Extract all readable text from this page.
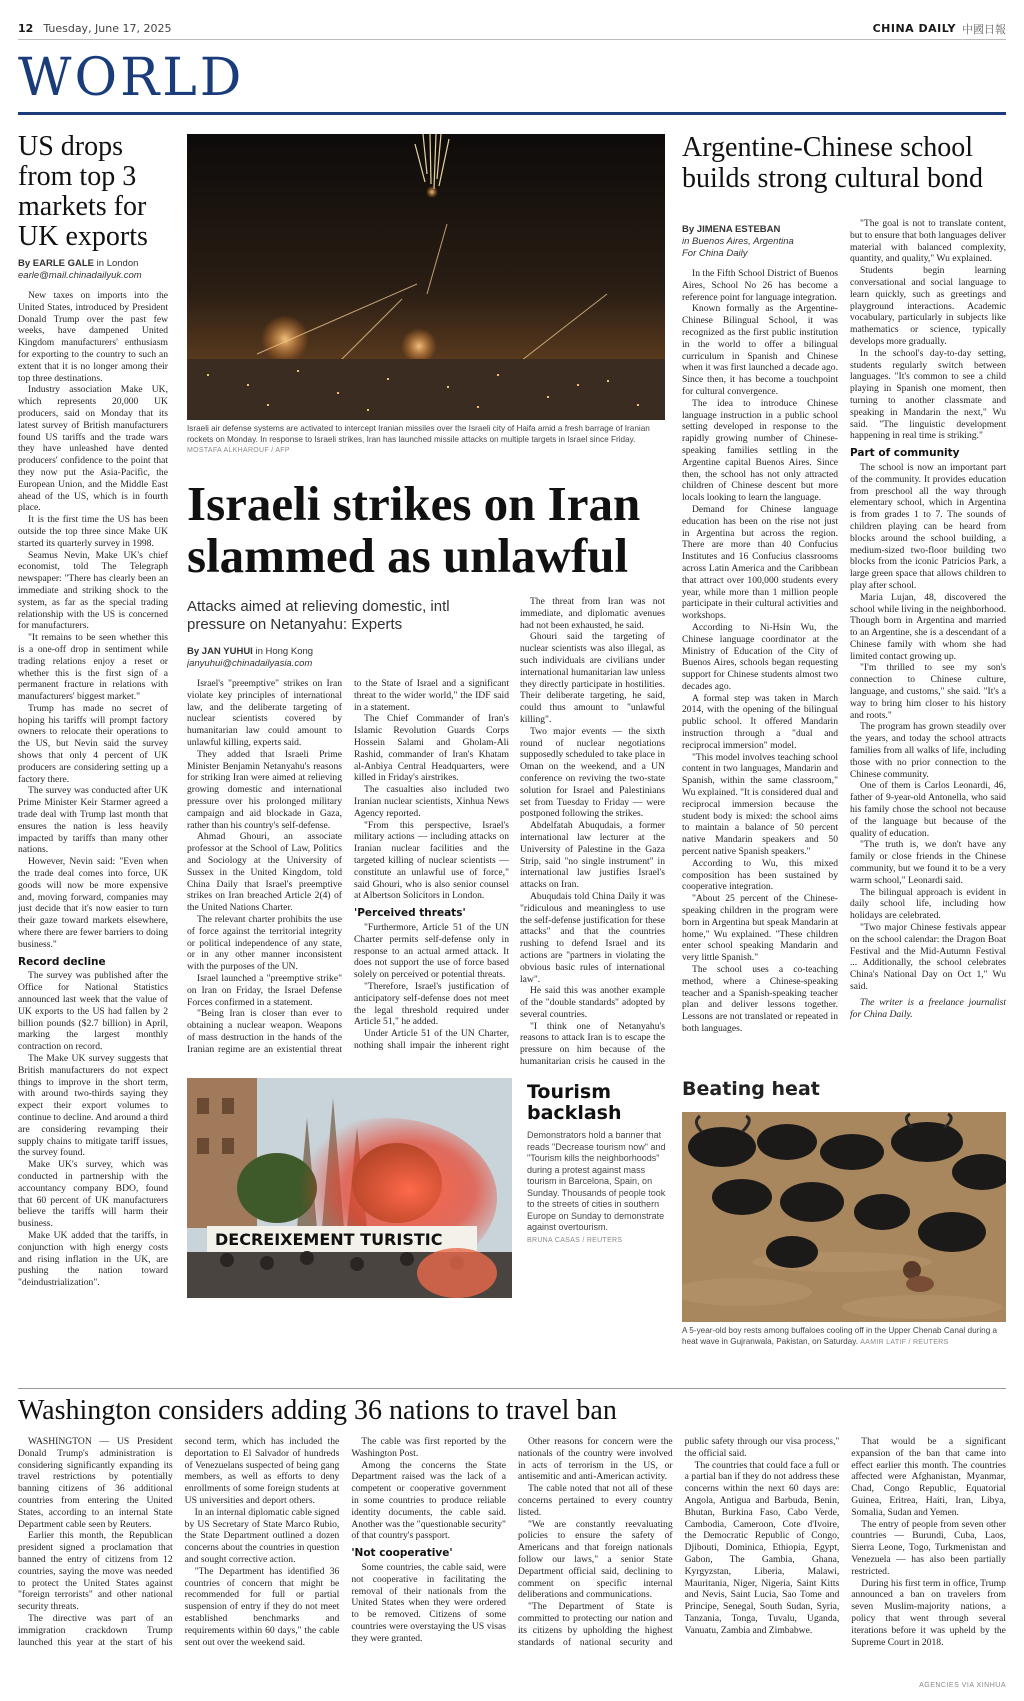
12 Tuesday, June 17, 2025	CHINA DAILY 中國日報
WORLD
US drops from top 3 markets for UK exports
By EARLE GALE in London
earle@mail.chinadailyuk.com

New taxes on imports into the United States, introduced by President Donald Trump over the past few weeks, have dampened United Kingdom manufacturers' enthusiasm for exporting to the country to such an extent that it is no longer among their top three destinations.

Industry association Make UK, which represents 20,000 UK producers, said on Monday that its latest survey of British manufacturers found US tariffs and the trade wars they have unleashed have dented producers' confidence to the point that they now put the Asia-Pacific, the European Union, and the Middle East ahead of the US, which is in fourth place.

It is the first time the US has been outside the top three since Make UK started its quarterly survey in 1998.

Seamus Nevin, Make UK's chief economist, told The Telegraph newspaper: "There has clearly been an immediate and striking shock to the system, as far as the special trading relationship with the US is concerned for manufacturers.

"It remains to be seen whether this is a one-off drop in sentiment while trading relations enjoy a reset or whether this is the first sign of a permanent fracture in relations with manufacturers' biggest market."

Trump has made no secret of hoping his tariffs will prompt factory owners to relocate their operations to the US, but Nevin said the survey shows that only 4 percent of UK producers are considering setting up a factory there.

The survey was conducted after UK Prime Minister Keir Starmer agreed a trade deal with Trump last month that ensures the nation is less heavily impacted by tariffs than many other nations.

However, Nevin said: "Even when the trade deal comes into force, UK goods will now be more expensive and, moving forward, companies may just decide that it's now easier to turn their gaze toward markets elsewhere, where there are fewer barriers to doing business."

Record decline

The survey was published after the Office for National Statistics announced last week that the value of UK exports to the US had fallen by 2 billion pounds ($2.7 billion) in April, marking the largest monthly contraction on record.

The Make UK survey suggests that British manufacturers do not expect things to improve in the short term, with around two-thirds saying they expect their export volumes to continue to decline. And around a third are considering revamping their supply chains to mitigate tariff issues, the survey found.

Make UK's survey, which was conducted in partnership with the accountancy company BDO, found that 60 percent of UK manufacturers believe the tariffs will harm their business.

Make UK added that the tariffs, in conjunction with high energy costs and rising inflation in the UK, are pushing the nation toward "deindustrialization".

Israeli air defense systems are activated to intercept Iranian missiles over the Israeli city of Haifa amid a fresh barrage of Iranian rockets on Monday. In response to Israeli strikes, Iran has launched missile attacks on multiple targets in Israel since Friday. MOSTAFA ALKHAROUF / AFP
Israeli strikes on Iran slammed as unlawful
Attacks aimed at relieving domestic, intl pressure on Netanyahu: Experts
By JAN YUHUI in Hong Kong
janyuhui@chinadailyasia.com

Israel's "preemptive" strikes on Iran violate key principles of international law, and the deliberate targeting of nuclear scientists covered by humanitarian law could amount to unlawful killing, experts said.

They added that Israeli Prime Minister Benjamin Netanyahu's reasons for striking Iran were aimed at relieving growing domestic and international pressure over his prolonged military campaign and aid blockade in Gaza, rather than his country's self-defense.

Ahmad Ghouri, an associate professor at the School of Law, Politics and Sociology at the University of Sussex in the United Kingdom, told China Daily that Israel's preemptive strikes on Iran breached Article 2(4) of the United Nations Charter.

The relevant charter prohibits the use of force against the territorial integrity or political independence of any state, or in any other manner inconsistent with the purposes of the UN.

Israel launched a "preemptive strike" on Iran on Friday, the Israel Defense Forces confirmed in a statement.

"Being Iran is closer than ever to obtaining a nuclear weapon. Weapons of mass destruction in the hands of the Iranian regime are an existential threat to the State of Israel and a significant threat to the wider world," the IDF said in a statement.

The Chief Commander of Iran's Islamic Revolution Guards Corps Hossein Salami and Gholam-Ali Rashid, commander of Iran's Khatam al-Anbiya Central Headquarters, were killed in Friday's airstrikes.

The casualties also included two Iranian nuclear scientists, Xinhua News Agency reported.

"From this perspective, Israel's military actions — including attacks on Iranian nuclear facilities and the targeted killing of nuclear scientists — constitute an unlawful use of force," said Ghouri, who is also senior counsel at Albertson Solicitors in London.

'Perceived threats'

"Furthermore, Article 51 of the UN Charter permits self-defense only in response to an actual armed attack. It does not support the use of force based solely on perceived or potential threats.

"Therefore, Israel's justification of anticipatory self-defense does not meet the legal threshold required under Article 51," he added.

Under Article 51 of the UN Charter, nothing shall impair the inherent right

The threat from Iran was not immediate, and diplomatic avenues had not been exhausted, he said.

Ghouri said the targeting of nuclear scientists was also illegal, as such individuals are civilians under international humanitarian law unless they directly participate in hostilities. Their deliberate targeting, he said, could thus amount to "unlawful killing".

Two major events — the sixth round of nuclear negotiations supposedly scheduled to take place in Oman on the weekend, and a UN conference on reviving the two-state solution for Israel and Palestinians set from Tuesday to Friday — were postponed following the strikes.

Abdelfatah Abuqudais, a former international law lecturer at the University of Palestine in the Gaza Strip, said "no single instrument" in international law justifies Israel's attacks on Iran.

Abuqudais told China Daily it was "ridiculous and meaningless to use the self-defense justification for these attacks" and that the countries rushing to defend Israel and its actions are "partners in violating the obvious basic rules of international law".

He said this was another example of the "double standards" adopted by several countries.

"I think one of Netanyahu's reasons to attack Iran is to escape the pressure on him because of the humanitarian crisis he caused in the

Argentine-Chinese school builds strong cultural bond
By JIMENA ESTEBAN
in Buenos Aires, Argentina
For China Daily

In the Fifth School District of Buenos Aires, School No 26 has become a reference point for language integration.

Known formally as the Argentine-Chinese Bilingual School, it was recognized as the first public institution in the world to offer a bilingual curriculum in Spanish and Chinese when it was first launched a decade ago. Since then, it has become a touchpoint for cultural convergence.

The idea to introduce Chinese language instruction in a public school setting developed in response to the rapidly growing number of Chinese-speaking families settling in the Argentine capital Buenos Aires. Since then, the school has not only attracted children of Chinese descent but more locals looking to learn the language.

Demand for Chinese language education has been on the rise not just in Argentina but across the region. There are more than 40 Confucius Institutes and 16 Confucius classrooms across Latin America and the Caribbean that attract over 100,000 students every year, while more than 1 million people participate in their cultural activities and workshops.

According to Ni-Hsin Wu, the Chinese language coordinator at the Ministry of Education of the City of Buenos Aires, schools began requesting support for Chinese students almost two decades ago.

A formal step was taken in March 2014, with the opening of the bilingual public school. It offered Mandarin instruction through a "dual and reciprocal immersion" model.

"This model involves teaching school content in two languages, Mandarin and Spanish, within the same classroom," Wu explained. "It is considered dual and reciprocal immersion because the student body is mixed: the school aims to maintain a balance of 50 percent native Mandarin speakers and 50 percent native Spanish speakers."

According to Wu, this mixed composition has been sustained by cooperative integration.

"About 25 percent of the Chinese-speaking children in the program were born in Argentina but speak Mandarin at home," Wu explained. "These children enter school speaking Mandarin and very little Spanish."

The school uses a co-teaching method, where a Chinese-speaking teacher and a Spanish-speaking teacher plan and deliver lessons together. Lessons are not translated or repeated in both languages.

"The goal is not to translate content, but to ensure that both languages deliver material with balanced complexity, quantity, and quality," Wu explained.

Students begin learning conversational and social language to learn quickly, such as greetings and playground interactions. Academic vocabulary, particularly in subjects like mathematics or science, typically develops more gradually.

In the school's day-to-day setting, students regularly switch between languages. "It's common to see a child playing in Spanish one moment, then turning to another classmate and speaking in Mandarin the next," Wu said. "The linguistic development happening in real time is striking."

Part of community

The school is now an important part of the community. It provides education from preschool all the way through elementary school, which in Argentina is from grades 1 to 7. The sounds of children playing can be heard from blocks around the school building, a medium-sized two-floor building two blocks from the iconic Patricios Park, a large green space that allows children to play after school.

Maria Lujan, 48, discovered the school while living in the neighborhood. Though born in Argentina and married to an Argentine, she is a descendant of a Chinese family with whom she had limited contact growing up.

"I'm thrilled to see my son's connection to Chinese culture, language, and customs," she said. "It's a way to bring him closer to his history and roots."

The program has grown steadily over the years, and today the school attracts families from all walks of life, including those with no prior connection to the Chinese community.

One of them is Carlos Leonardi, 46, father of 9-year-old Antonella, who said his family chose the school not because of the language but because of the quality of education.

"The truth is, we don't have any family or close friends in the Chinese community, but we found it to be a very warm school," Leonardi said.

The bilingual approach is evident in daily school life, including how holidays are celebrated.

"Two major Chinese festivals appear on the school calendar: the Dragon Boat Festival and the Mid-Autumn Festival ... Additionally, the school celebrates China's National Day on Oct 1," Wu said.

The writer is a freelance journalist for China Daily.

DECREIXEMENT TURISTIC
Tourism backlash
Demonstrators hold a banner that reads "Decrease tourism now" and "Tourism kills the neighborhoods" during a protest against mass tourism in Barcelona, Spain, on Sunday. Thousands of people took to the streets of cities in southern Europe on Sunday to demonstrate against overtourism.
BRUNA CASAS / REUTERS
Beating heat
A 5-year-old boy rests among buffaloes cooling off in the Upper Chenab Canal during a heat wave in Gujranwala, Pakistan, on Saturday. AAMIR LATIF / REUTERS
Washington considers adding 36 nations to travel ban

WASHINGTON — US President Donald Trump's administration is considering significantly expanding its travel restrictions by potentially banning citizens of 36 additional countries from entering the United States, according to an internal State Department cable seen by Reuters.

Earlier this month, the Republican president signed a proclamation that banned the entry of citizens from 12 countries, saying the move was needed to protect the United States against "foreign terrorists" and other national security threats.

The directive was part of an immigration crackdown Trump launched this year at the start of his second term, which has included the deportation to El Salvador of hundreds of Venezuelans suspected of being gang members, as well as efforts to deny enrollments of some foreign students at US universities and deport others.

In an internal diplomatic cable signed by US Secretary of State Marco Rubio, the State Department outlined a dozen concerns about the countries in question and sought corrective action.

"The Department has identified 36 countries of concern that might be recommended for full or partial suspension of entry if they do not meet established benchmarks and requirements within 60 days," the cable sent out over the weekend said.

The cable was first reported by the Washington Post.

Among the concerns the State Department raised was the lack of a competent or cooperative government in some countries to produce reliable identity documents, the cable said. Another was the "questionable security" of that country's passport.

'Not cooperative'

Some countries, the cable said, were not cooperative in facilitating the removal of their nationals from the United States when they were ordered to be removed. Citizens of some countries were overstaying the US visas they were granted.

Other reasons for concern were the nationals of the country were involved in acts of terrorism in the US, or antisemitic and anti-American activity.

The cable noted that not all of these concerns pertained to every country listed.

"We are constantly reevaluating policies to ensure the safety of Americans and that foreign nationals follow our laws," a senior State Department official said, declining to comment on specific internal deliberations and communications.

"The Department of State is committed to protecting our nation and its citizens by upholding the highest standards of national security and public safety through our visa process," the official said.

The countries that could face a full or a partial ban if they do not address these concerns within the next 60 days are: Angola, Antigua and Barbuda, Benin, Bhutan, Burkina Faso, Cabo Verde, Cambodia, Cameroon, Cote d'Ivoire, the Democratic Republic of Congo, Djibouti, Dominica, Ethiopia, Egypt, Gabon, The Gambia, Ghana, Kyrgyzstan, Liberia, Malawi, Mauritania, Niger, Nigeria, Saint Kitts and Nevis, Saint Lucia, Sao Tome and Principe, Senegal, South Sudan, Syria, Tanzania, Tonga, Tuvalu, Uganda, Vanuatu, Zambia and Zimbabwe.

That would be a significant expansion of the ban that came into effect earlier this month. The countries affected were Afghanistan, Myanmar, Chad, Congo Republic, Equatorial Guinea, Eritrea, Haiti, Iran, Libya, Somalia, Sudan and Yemen.

The entry of people from seven other countries — Burundi, Cuba, Laos, Sierra Leone, Togo, Turkmenistan and Venezuela — has also been partially restricted.

During his first term in office, Trump announced a ban on travelers from seven Muslim-majority nations, a policy that went through several iterations before it was upheld by the Supreme Court in 2018.

AGENCIES VIA XINHUA
